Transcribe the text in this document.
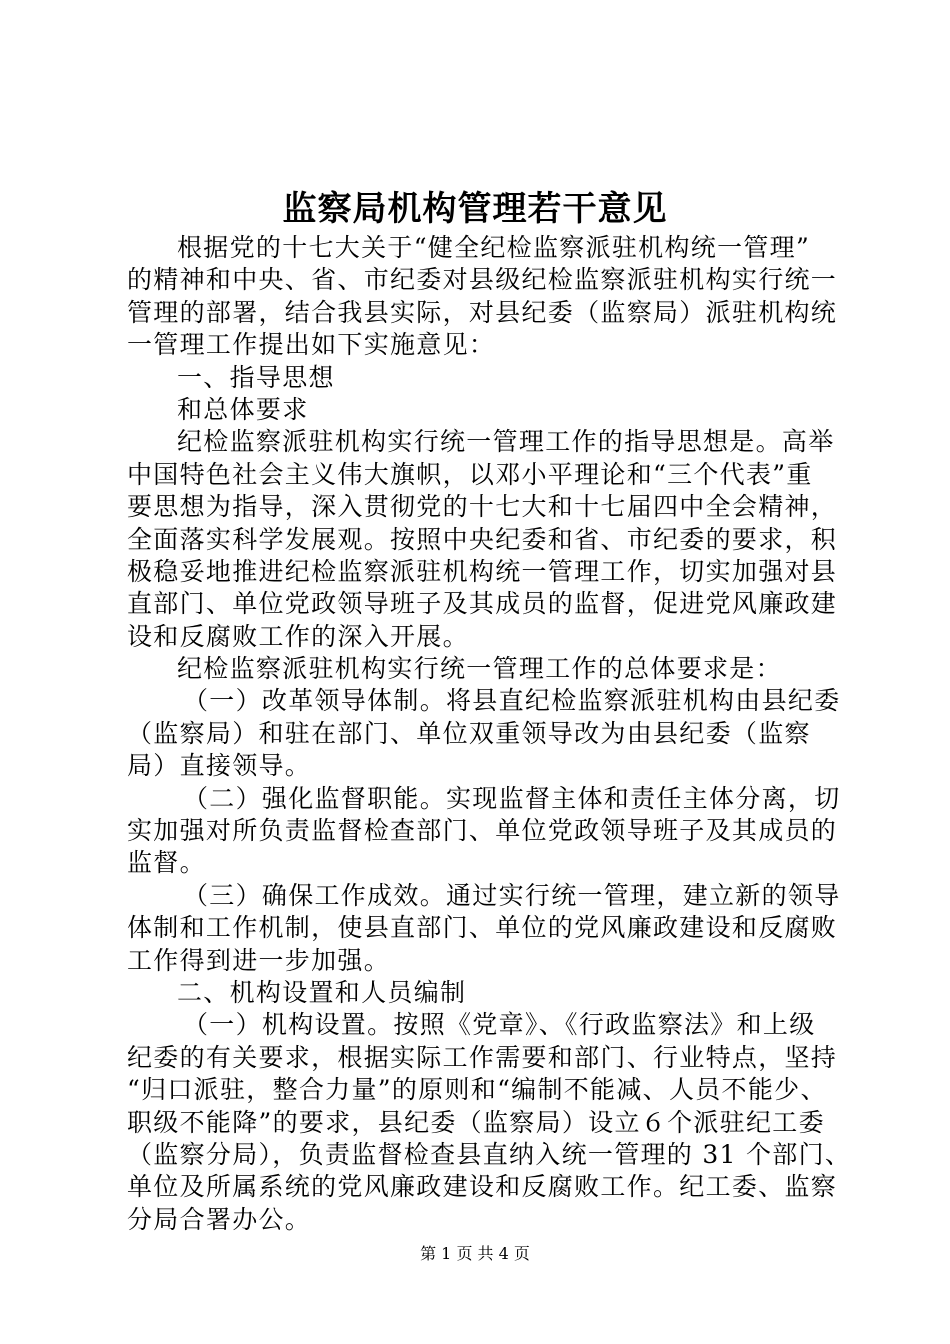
监察局机构管理若干意见
根据党的十七大关于“健全纪检监察派驻机构统一管理”
的精神和中央、省、市纪委对县级纪检监察派驻机构实行统一
管理的部署，结合我县实际，对县纪委（监察局）派驻机构统
一管理工作提出如下实施意见：
一、指导思想
和总体要求
纪检监察派驻机构实行统一管理工作的指导思想是。高举
中国特色社会主义伟大旗帜，以邓小平理论和“三个代表”重
要思想为指导，深入贯彻党的十七大和十七届四中全会精神，
全面落实科学发展观。按照中央纪委和省、市纪委的要求，积
极稳妥地推进纪检监察派驻机构统一管理工作，切实加强对县
直部门、单位党政领导班子及其成员的监督，促进党风廉政建
设和反腐败工作的深入开展。
纪检监察派驻机构实行统一管理工作的总体要求是：
（一）改革领导体制。将县直纪检监察派驻机构由县纪委
（监察局）和驻在部门、单位双重领导改为由县纪委（监察
局）直接领导。
（二）强化监督职能。实现监督主体和责任主体分离，切
实加强对所负责监督检查部门、单位党政领导班子及其成员的
监督。
（三）确保工作成效。通过实行统一管理，建立新的领导
体制和工作机制，使县直部门、单位的党风廉政建设和反腐败
工作得到进一步加强。
二、机构设置和人员编制
（一）机构设置。按照《党章》、《行政监察法》和上级
纪委的有关要求，根据实际工作需要和部门、行业特点，坚持
“归口派驻，整合力量”的原则和“编制不能减、人员不能少、
职级不能降”的要求，县纪委（监察局）设立６个派驻纪工委
（监察分局），负责监督检查县直纳入统一管理的 31 个部门、
单位及所属系统的党风廉政建设和反腐败工作。纪工委、监察
分局合署办公。
第 1 页 共 4 页
